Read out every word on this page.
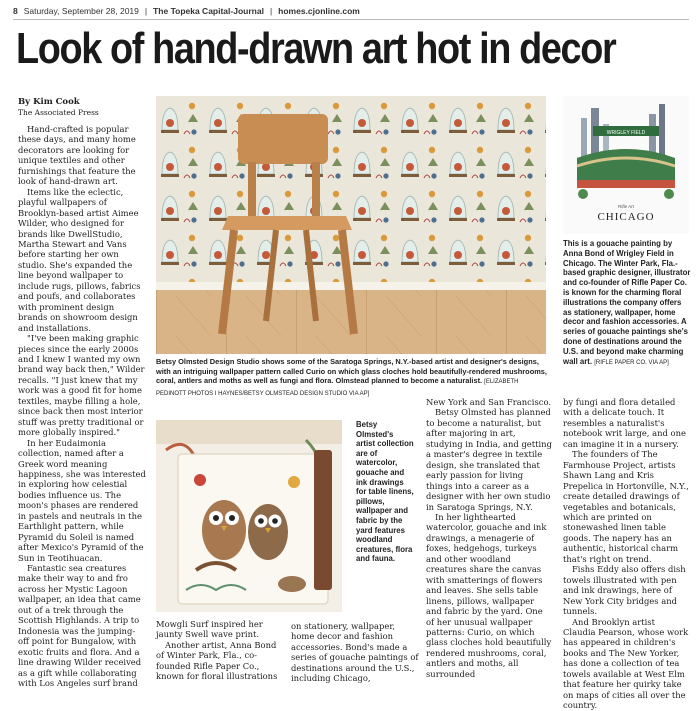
8 Saturday, September 28, 2019 | The Topeka Capital-Journal | homes.cjonline.com
Look of hand-drawn art hot in decor
By Kim Cook
The Associated Press

Hand-crafted is popular these days, and many home decorators are looking for unique textiles and other furnishings that feature the look of hand-drawn art.

Items like the eclectic, playful wallpapers of Brooklyn-based artist Aimee Wilder, who designed for brands like DwellStudio, Martha Stewart and Vans before starting her own studio. She's expanded the line beyond wallpaper to include rugs, pillows, fabrics and poufs, and collaborates with prominent design brands on showroom design and installations.

"I've been making graphic pieces since the early 2000s and I knew I wanted my own brand way back then," Wilder recalls. "I just knew that my work was a good fit for home textiles, maybe filling a hole, since back then most interior stuff was pretty traditional or more globally inspired."

In her Eudaimonia collection, named after a Greek word meaning happiness, she was interested in exploring how celestial bodies influence us. The moon's phases are rendered in pastels and neutrals in the Earthlight pattern, while Pyramid du Soleil is named after Mexico's Pyramid of the Sun in Teotihuacan.

Fantastic sea creatures make their way to and fro across her Mystic Lagoon wallpaper, an idea that came out of a trek through the Scottish Highlands. A trip to Indonesia was the jumping-off point for Bungalow, with exotic fruits and flora. And a line drawing Wilder received as a gift while collaborating with Los Angeles surf brand

Betsy Olmsted Design Studio shows some of the Saratoga Springs, N.Y.-based artist and designer's designs, with an intriguing wallpaper pattern called Curio on which glass cloches hold beautifully-rendered mushrooms, coral, antlers and moths as well as fungi and flora. Olmstead planned to become a naturalist. [ELIZABETH PEDINOTT PHOTOS I HAYNES/BETSY OLMSTEAD DESIGN STUDIO VIA AP]
WRIGLEY FIELD
Rifle Art
CHICAGO
This is a gouache painting by Anna Bond of Wrigley Field in Chicago. The Winter Park, Fla.-based graphic designer, illustrator and co-founder of Rifle Paper Co. is known for the charming floral illustrations the company offers as stationery, wallpaper, home decor and fashion accessories. A series of gouache paintings she's done of destinations around the U.S. and beyond make charming wall art. [RIFLE PAPER CO. VIA AP]
Betsy Olmsted's artist collection are of watercolor, gouache and ink drawings for table linens, pillows, wallpaper and fabric by the yard features woodland creatures, flora and fauna.

Mowgli Surf inspired her jaunty Swell wave print.

Another artist, Anna Bond of Winter Park, Fla., co-founded Rifle Paper Co., known for floral illustrations

on stationery, wallpaper, home decor and fashion accessories. Bond's made a series of gouache paintings of destinations around the U.S., including Chicago,

New York and San Francisco.

Betsy Olmsted has planned to become a naturalist, but after majoring in art, studying in India, and getting a master's degree in textile design, she translated that early passion for living things into a career as a designer with her own studio in Saratoga Springs, N.Y.

In her lighthearted watercolor, gouache and ink drawings, a menagerie of foxes, hedgehogs, turkeys and other woodland creatures share the canvas with smatterings of flowers and leaves. She sells table linens, pillows, wallpaper and fabric by the yard. One of her unusual wallpaper patterns: Curio, on which glass cloches hold beautifully rendered mushrooms, coral, antlers and moths, all surrounded

by fungi and flora detailed with a delicate touch. It resembles a naturalist's notebook writ large, and one can imagine it in a nursery.

The founders of The Farmhouse Project, artists Shawn Lang and Kris Prepelica in Hortonville, N.Y., create detailed drawings of vegetables and botanicals, which are printed on stonewashed linen table goods. The napery has an authentic, historical charm that's right on trend.

Fishs Eddy also offers dish towels illustrated with pen and ink drawings, here of New York City bridges and tunnels.

And Brooklyn artist Claudia Pearson, whose work has appeared in children's books and The New Yorker, has done a collection of tea towels available at West Elm that feature her quirky take on maps of cities all over the country.
